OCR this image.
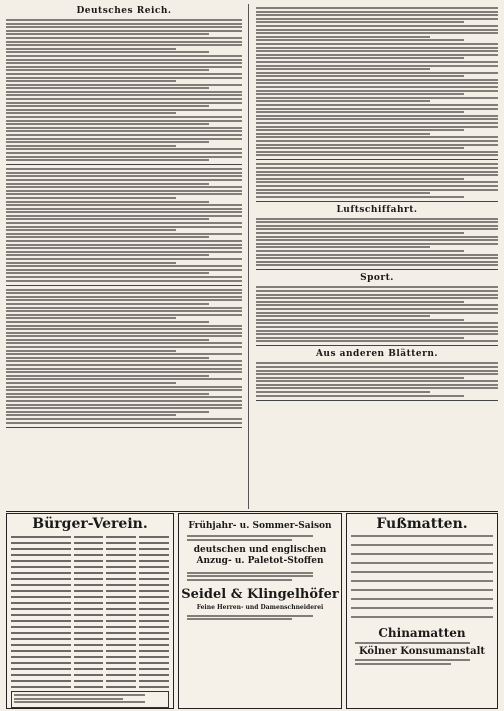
Deutsches Reich.
Luftschiffahrt.
Sport.
Aus anderen Blättern.
Bürger-Verein.	Frühjahr- u. Sommer-Saison
deutschen und englischen
Anzug- u. Paletot-Stoffen
Seidel & Klingelhöfer
Feine Herren- und Damenschneiderei
Fußmatten.
Chinamatten
Kölner Konsumanstalt
